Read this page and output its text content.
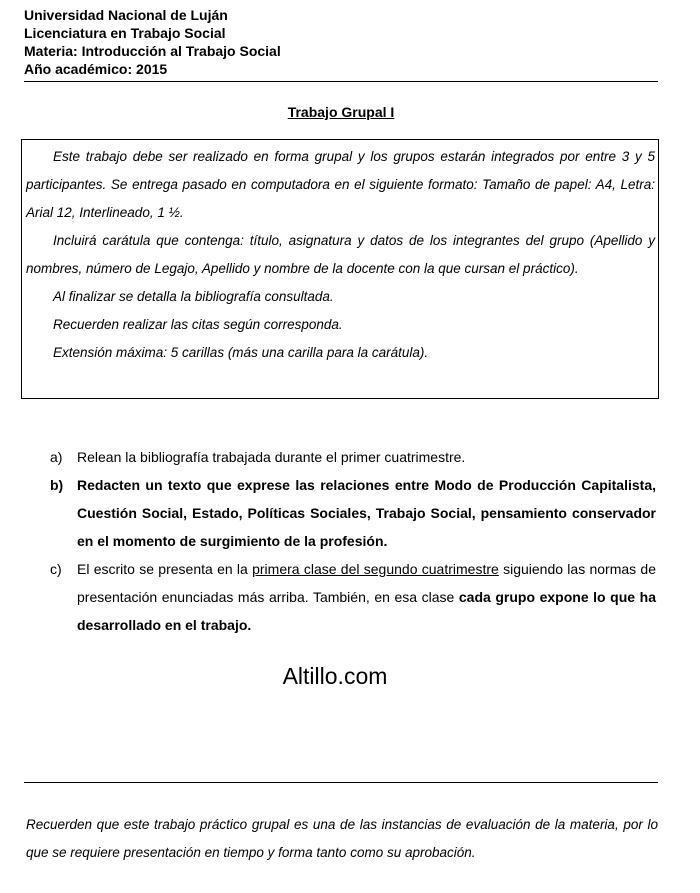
Universidad Nacional de Luján
Licenciatura en Trabajo Social
Materia: Introducción al Trabajo Social
Año académico: 2015
Trabajo Grupal I

Este trabajo debe ser realizado en forma grupal y los grupos estarán integrados por entre 3 y 5 participantes. Se entrega pasado en computadora en el siguiente formato: Tamaño de papel: A4, Letra: Arial 12, Interlineado, 1 ½.

Incluirá carátula que contenga: título, asignatura y datos de los integrantes del grupo (Apellido y nombres, número de Legajo, Apellido y nombre de la docente con la que cursan el práctico).

Al finalizar se detalla la bibliografía consultada.

Recuerden realizar las citas según corresponda.

Extensión máxima: 5 carillas (más una carilla para la carátula).

a)	Relean la bibliografía trabajada durante el primer cuatrimestre.
b) Redacten un texto que exprese las relaciones entre Modo de Producción Capitalista, Cuestión Social, Estado, Políticas Sociales, Trabajo Social, pensamiento conservador en el momento de surgimiento de la profesión.
c)	El escrito se presenta en la primera clase del segundo cuatrimestre siguiendo las normas de presentación enunciadas más arriba. También, en esa clase cada grupo expone lo que ha desarrollado en el trabajo.
Altillo.com
Recuerden que este trabajo práctico grupal es una de las instancias de evaluación de la materia, por lo que se requiere presentación en tiempo y forma tanto como su aprobación.
